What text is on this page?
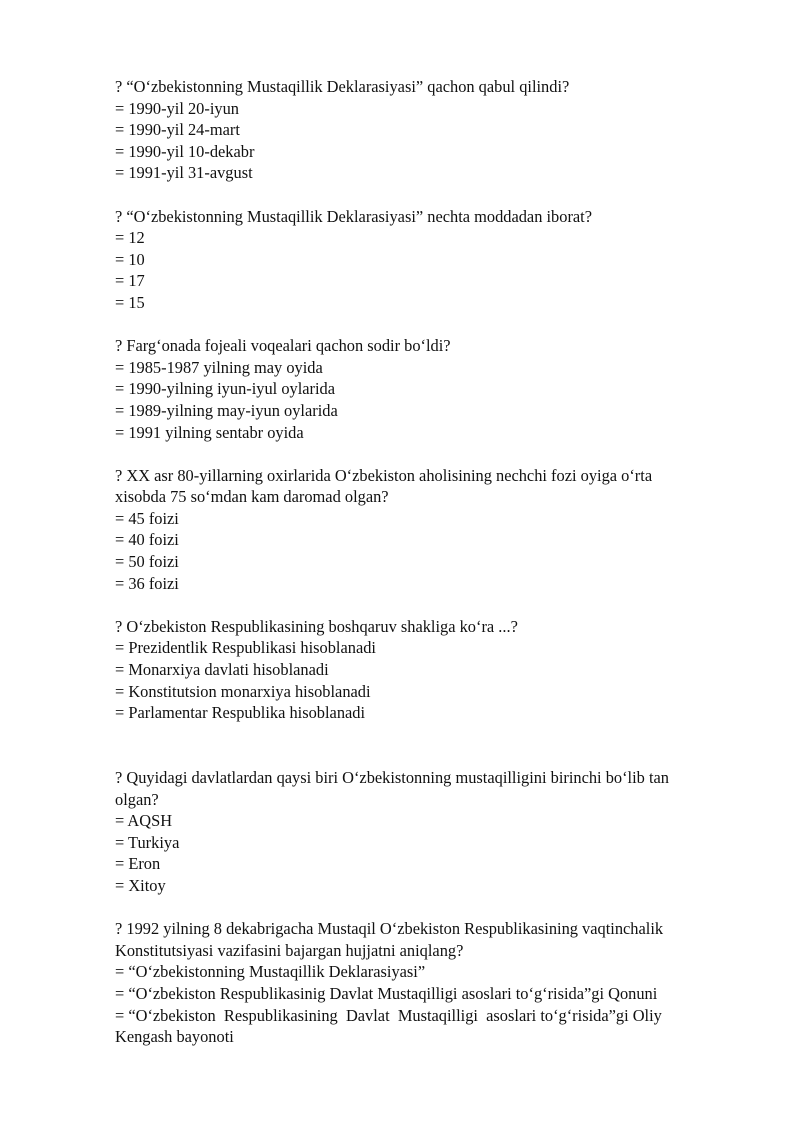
? “O‘zbekistonning Mustaqillik Deklarasiyasi” qachon qabul qilindi?

= 1990-yil 20-iyun

= 1990-yil 24-mart

= 1990-yil 10-dekabr

= 1991-yil 31-avgust

? “O‘zbekistonning Mustaqillik Deklarasiyasi” nechta moddadan iborat?

= 12

= 10

= 17

= 15

? Farg‘onada fojeali voqealari qachon sodir bo‘ldi?

= 1985-1987 yilning may oyida

= 1990-yilning iyun-iyul oylarida

= 1989-yilning may-iyun oylarida

= 1991 yilning sentabr oyida

? XX asr 80-yillarning oxirlarida O‘zbekiston aholisining nechchi fozi oyiga o‘rta

xisobda 75 so‘mdan kam daromad olgan?

= 45 foizi

= 40 foizi

= 50 foizi

= 36 foizi

? O‘zbekiston Respublikasining boshqaruv shakliga ko‘ra ...?

= Prezidentlik Respublikasi hisoblanadi

= Monarxiya davlati hisoblanadi

= Konstitutsion monarxiya hisoblanadi

= Parlamentar Respublika hisoblanadi

? Quyidagi davlatlardan qaysi biri O‘zbekistonning mustaqilligini birinchi bo‘lib tan

olgan?

= AQSH

= Turkiya

= Eron

= Xitoy

? 1992 yilning 8 dekabrigacha Mustaqil O‘zbekiston Respublikasining vaqtinchalik

Konstitutsiyasi vazifasini bajargan hujjatni aniqlang?

= “O‘zbekistonning Mustaqillik Deklarasiyasi”

= “O‘zbekiston Respublikasinig Davlat Mustaqilligi asoslari to‘g‘risida”gi Qonuni

= “O‘zbekiston  Respublikasining  Davlat  Mustaqilligi  asoslari to‘g‘risida”gi Oliy

Kengash bayonoti
